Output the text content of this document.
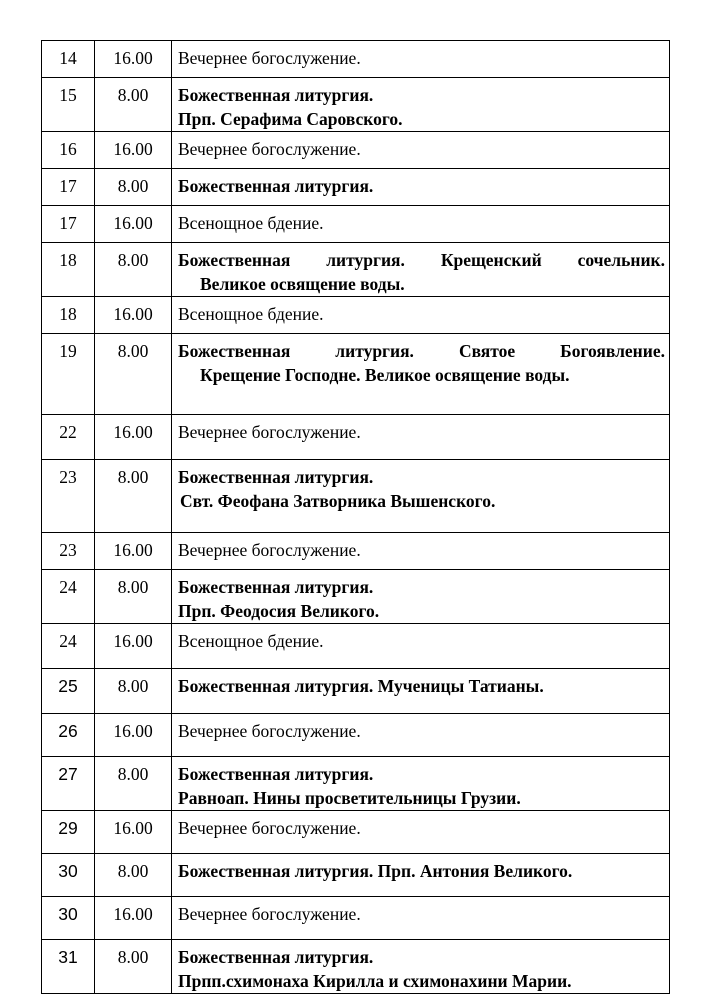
14	16.00	Вечернее богослужение.

15	8.00	Божественная литургия.
Прп. Серафима Саровского.

16	16.00	Вечернее богослужение.

17	8.00	Божественная литургия.

17	16.00	Всенощное бдение.

18	8.00	Божественная литургия. Крещенский сочельник.
Великое освящение воды.

18	16.00	Всенощное бдение.

19	8.00	Божественная литургия. Святое Богоявление.
Крещение Господне. Великое освящение воды.

22	16.00	Вечернее богослужение.

23	8.00	Божественная литургия.
Свт. Феофана Затворника Вышенского.

23	16.00	Вечернее богослужение.

24	8.00	Божественная литургия.
Прп. Феодосия Великого.

24	16.00	Всенощное бдение.

25	8.00	Божественная литургия. Мученицы Татианы.

26	16.00	Вечернее богослужение.

27	8.00	Божественная литургия.
Равноап. Нины просветительницы Грузии.

29	16.00	Вечернее богослужение.

30	8.00	Божественная литургия. Прп. Антония Великого.

30	16.00	Вечернее богослужение.

31	8.00	Божественная литургия.
Прпп.схимонаха Кирилла и схимонахини Марии.
